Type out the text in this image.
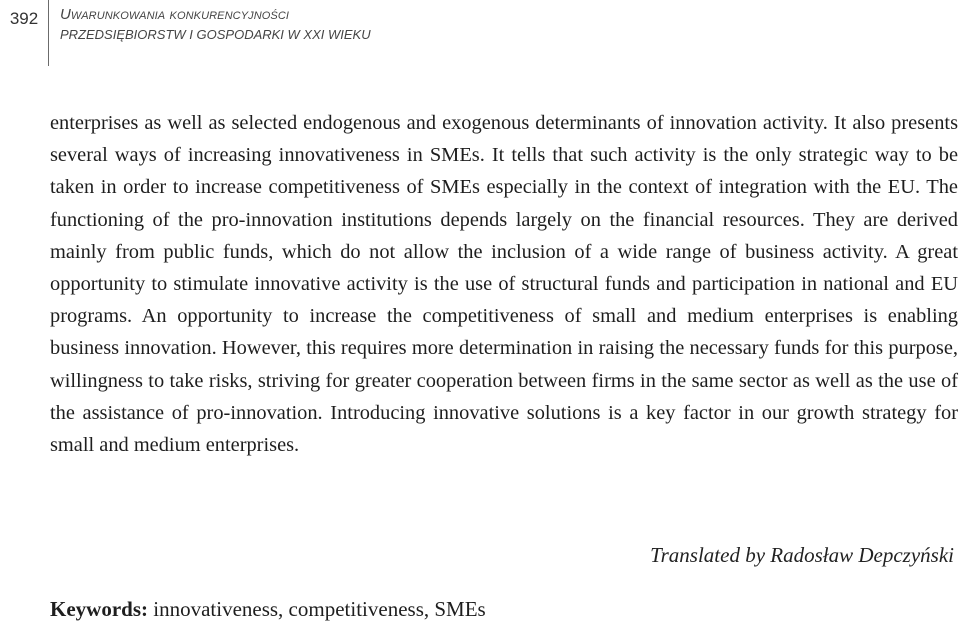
392	Uwarunkowania konkurencyjności
PRZEDSIĘBIORSTW I GOSPODARKI W XXI WIEKU

enterprises as well as selected endogenous and exogenous determinants of innovation activity. It also presents several ways of increasing innovativeness in SMEs. It tells that such activity is the only strategic way to be taken in order to increase competitiveness of SMEs especially in the context of integration with the EU. The functioning of the pro-innovation institutions depends largely on the financial resources. They are derived mainly from public funds, which do not allow the inclusion of a wide range of business activity. A great opportunity to stimulate innovative activity is the use of structural funds and participation in national and EU programs. An opportunity to increase the competitiveness of small and medium enterprises is enabling business innovation. However, this requires more determination in raising the necessary funds for this purpose, willingness to take risks, striving for greater cooperation between firms in the same sector as well as the use of the assistance of pro-innovation. Introducing innovative solutions is a key factor in our growth strategy for small and medium enterprises.

Translated by Radosław Depczyński
Keywords: innovativeness, competitiveness, SMEs
